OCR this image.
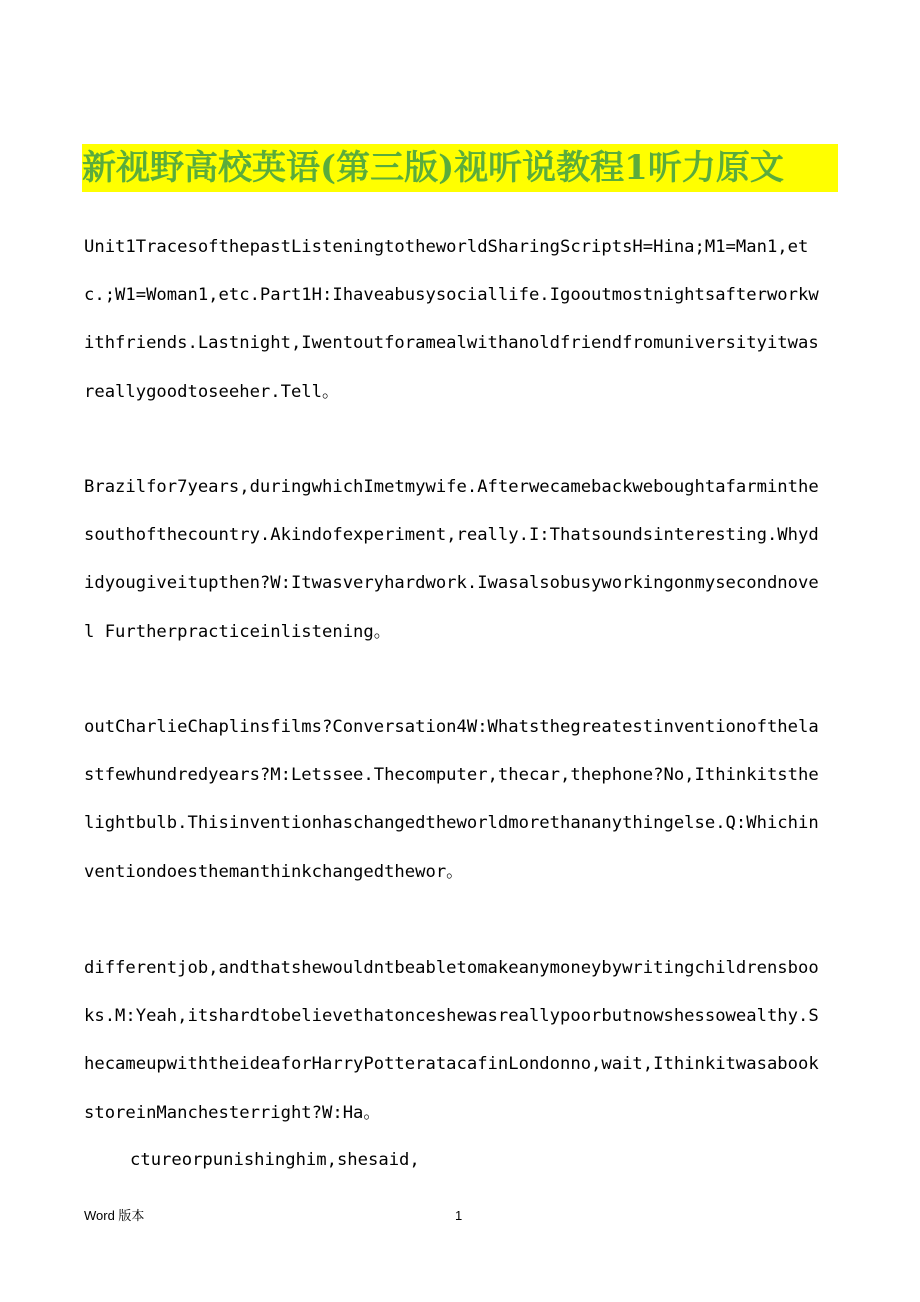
新视野高校英语(第三版)视听说教程1听力原文

Unit1TracesofthepastListeningtotheworldSharingScriptsH=Hina;M1=Man1,etc.;W1=Woman1,etc.Part1H:Ihaveabusysociallife.Igooutmostnightsafterworkwithfriends.Lastnight,Iwentoutforamealwithanoldfriendfromuniversityitwasreallygoodtoseeher.Tell。

Brazilfor7years,duringwhichImetmywife.Afterwecamebackweboughtafarminthesouthofthecountry.Akindofexperiment,really.I:Thatsoundsinteresting.Whydidyougiveitupthen?W:Itwasveryhardwork.Iwasalsobusyworkingonmysecondnovel Furtherpracticeinlistening。

outCharlieChaplinsfilms?Conversation4W:Whatsthegreatestinventionofthelastfewhundredyears?M:Letssee.Thecomputer,thecar,thephone?No,Ithinkitsthelightbulb.Thisinventionhaschangedtheworldmorethananythingelse.Q:Whichinventiondoesthemanthinkchangedthewor。

differentjob,andthatshewouldntbeabletomakeanymoneybywritingchildrensbooks.M:Yeah,itshardtobelievethatonceshewasreallypoorbutnowshessowealthy.ShecameupwiththeideaforHarryPotteratacafinLondonno,wait,IthinkitwasabookstoreinManchesterright?W:Ha。

ctureorpunishinghim,shesaid,

Word 版本	1
